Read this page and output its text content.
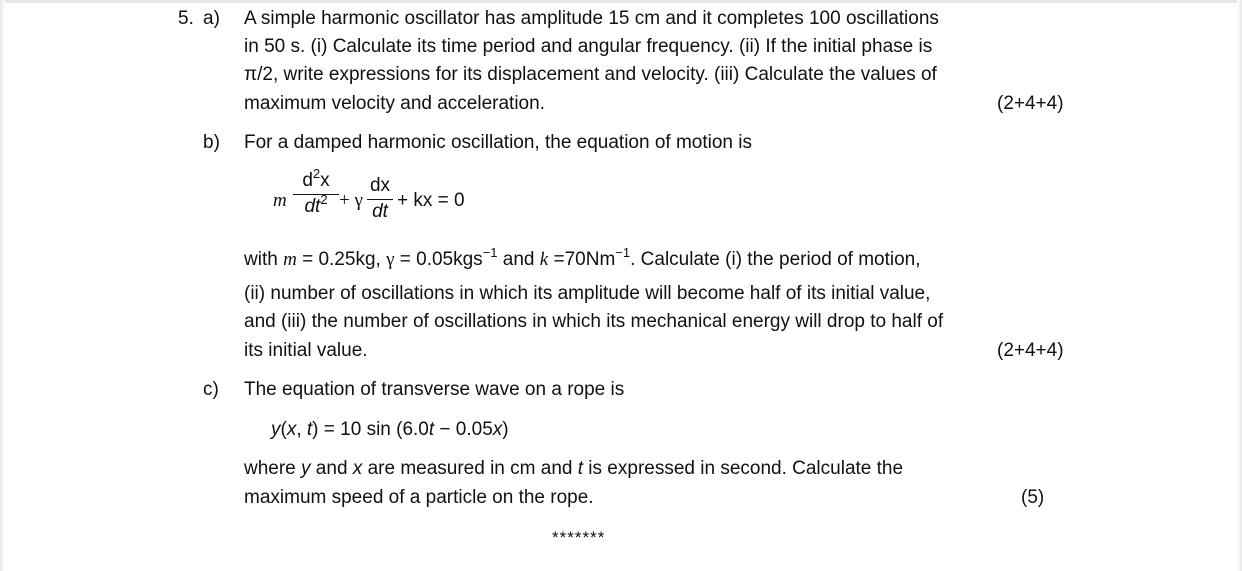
5. a) A simple harmonic oscillator has amplitude 15 cm and it completes 100 oscillations
in 50 s. (i) Calculate its time period and angular frequency. (ii) If the initial phase is
π/2, write expressions for its displacement and velocity. (iii) Calculate the values of
maximum velocity and acceleration.	(2+4+4)
b) For a damped harmonic oscillation, the equation of motion is
m
$d^2x$
$dt^2 + \gamma$
dx
dt
+ kx = 0
with m = 0.25kg, γ = 0.05kgs$^{-1}$ and $k =70Nm^{-1}$. Calculate (i) the period of motion,
(ii) number of oscillations in which its amplitude will become half of its initial value,
and (iii) the number of oscillations in which its mechanical energy will drop to half of
its initial value.	(2+4+4)
c) The equation of transverse wave on a rope is
y(x, t) = 10 sin (6.0t − 0.05x)
where y and x are measured in cm and t is expressed in second. Calculate the
maximum speed of a particle on the rope.	(5)
*******
